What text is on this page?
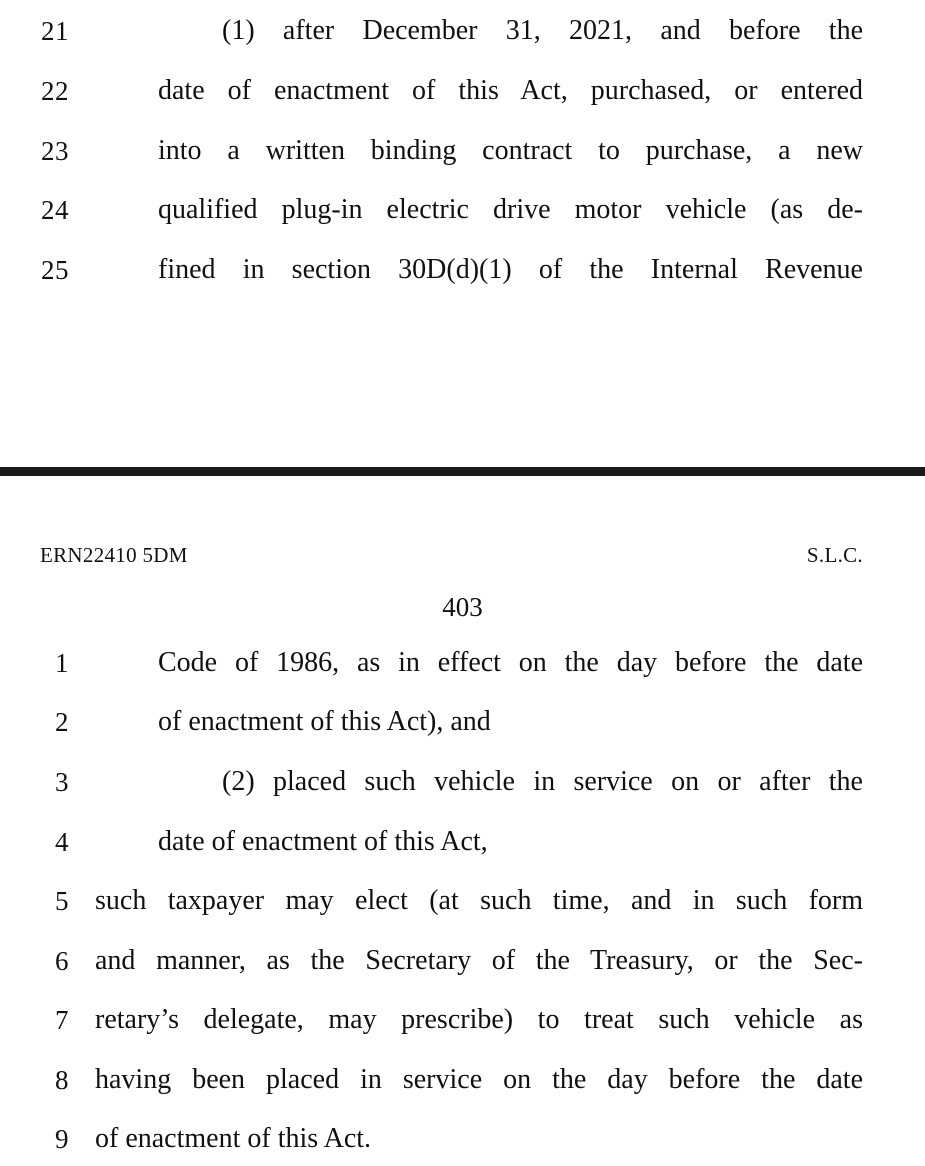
21	(1) after December 31, 2021, and before the
22	date of enactment of this Act, purchased, or entered
23	into a written binding contract to purchase, a new
24	qualified plug-in electric drive motor vehicle (as de-
25	fined in section 30D(d)(1) of the Internal Revenue
ERN22410 5DM	S.L.C.
403
1	Code of 1986, as in effect on the day before the date
2	of enactment of this Act), and
3	(2) placed such vehicle in service on or after the
4	date of enactment of this Act,
5 such taxpayer may elect (at such time, and in such form
6 and manner, as the Secretary of the Treasury, or the Sec-
7 retary’s delegate, may prescribe) to treat such vehicle as
8 having been placed in service on the day before the date
9 of enactment of this Act.
